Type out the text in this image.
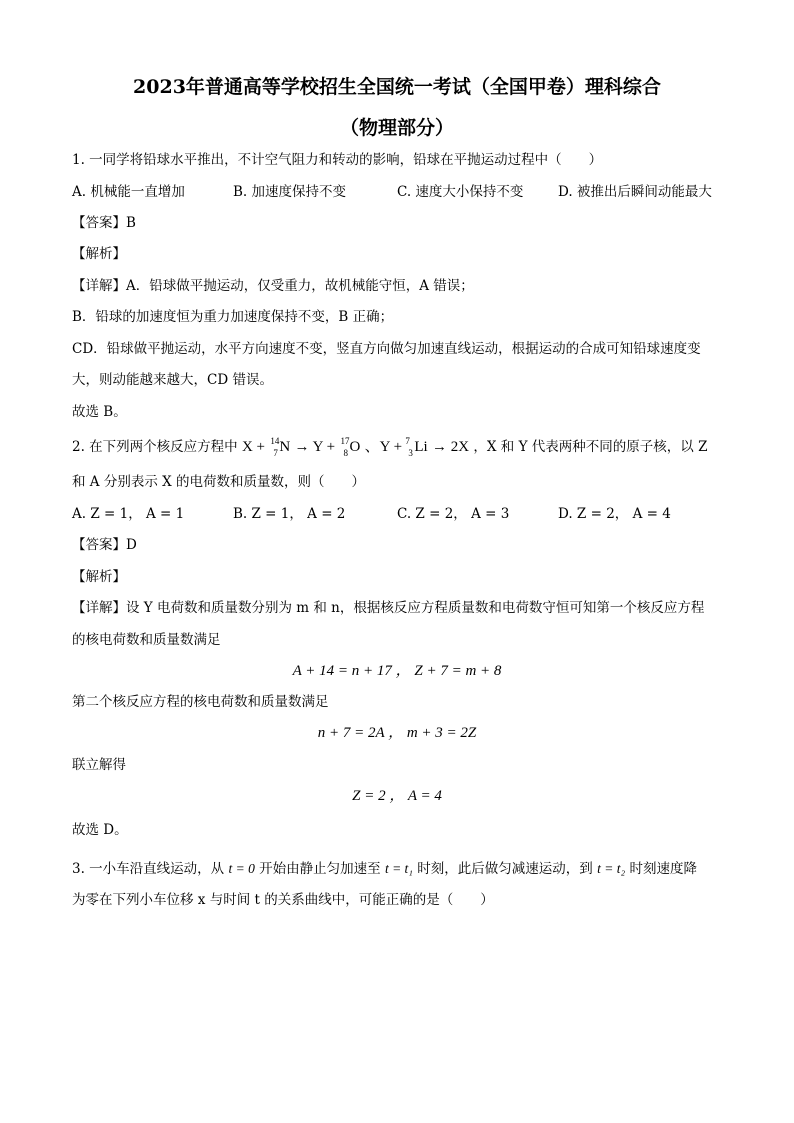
2023年普通高等学校招生全国统一考试（全国甲卷）理科综合
（物理部分）
1. 一同学将铅球水平推出，不计空气阻力和转动的影响，铅球在平抛运动过程中（　　）
A. 机械能一直增加	B. 加速度保持不变	C. 速度大小保持不变	D. 被推出后瞬间动能最大
【答案】B
【解析】
【详解】A．铅球做平抛运动，仅受重力，故机械能守恒，A 错误；
B．铅球的加速度恒为重力加速度保持不变，B 正确；
CD．铅球做平抛运动，水平方向速度不变，竖直方向做匀加速直线运动，根据运动的合成可知铅球速度变
大，则动能越来越大，CD 错误。
故选 B。
2. 在下列两个核反应方程中 X + 14
7 N → Y + 17
8 O 、Y + 7
3 Li → 2X ，X 和 Y 代表两种不同的原子核，以 Z
和 A 分别表示 X 的电荷数和质量数，则（　　）
A. Z = 1， A = 1	B. Z = 1， A = 2	C. Z = 2， A = 3	D. Z = 2， A = 4
【答案】D
【解析】
【详解】设 Y 电荷数和质量数分别为 m 和 n，根据核反应方程质量数和电荷数守恒可知第一个核反应方程
的核电荷数和质量数满足
A + 14 = n + 17 ， Z + 7 = m + 8
第二个核反应方程的核电荷数和质量数满足
n + 7 = 2A ， m + 3 = 2Z
联立解得
Z = 2 ， A = 4
故选 D。
3. 一小车沿直线运动，从 t = 0 开始由静止匀加速至 t = t₁ 时刻，此后做匀减速运动，到 t = t₂ 时刻速度降
为零在下列小车位移 x 与时间 t 的关系曲线中，可能正确的是（　　）
